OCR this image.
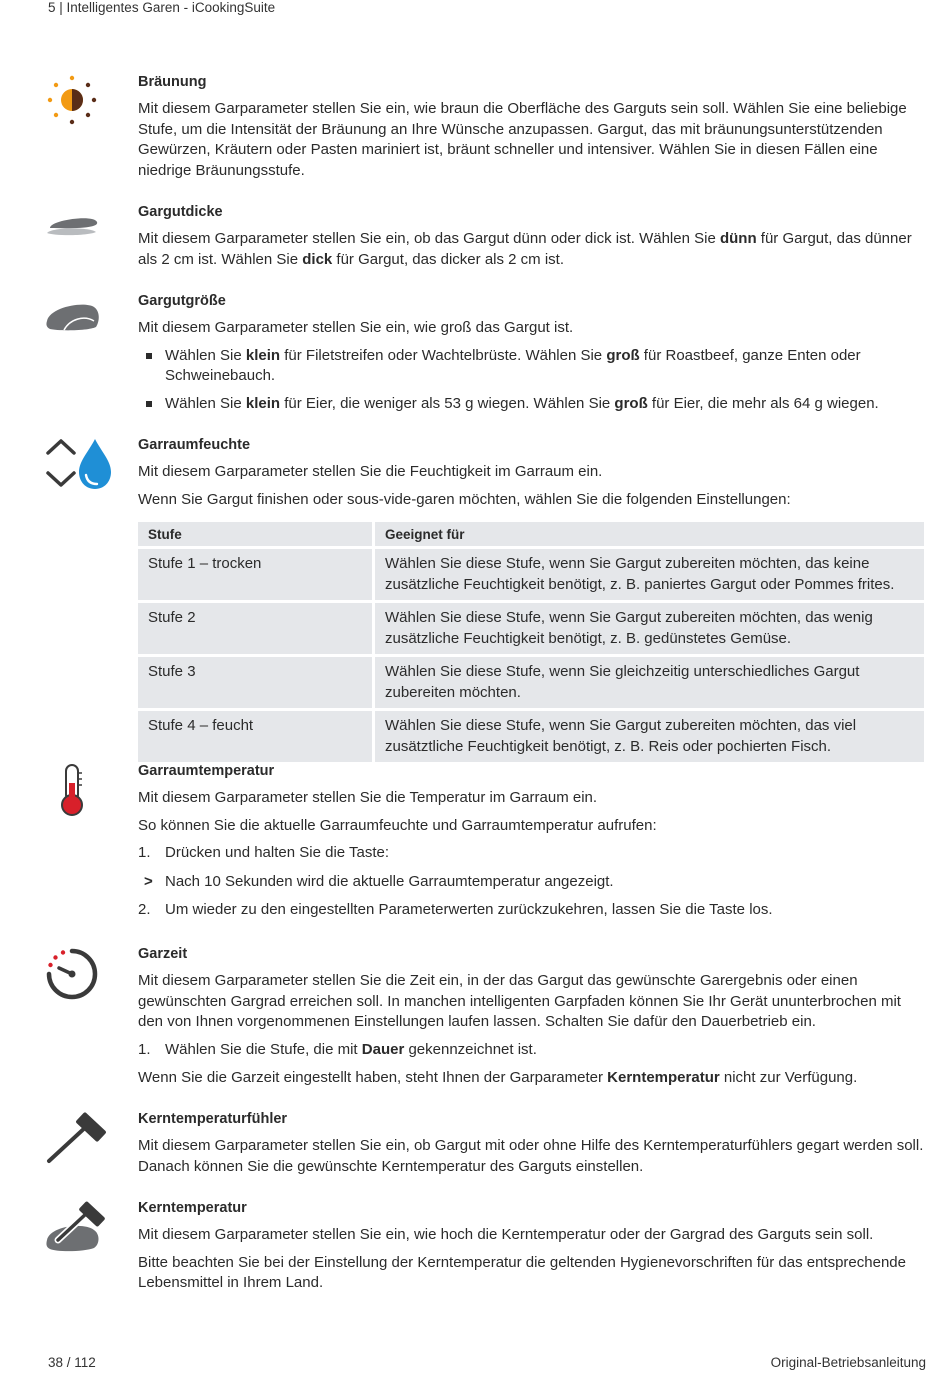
5 | Intelligentes Garen - iCookingSuite
Bräunung

Mit diesem Garparameter stellen Sie ein, wie braun die Oberfläche des Garguts sein soll. Wählen Sie eine beliebige Stufe, um die Intensität der Bräunung an Ihre Wünsche anzupassen. Gargut, das mit bräunungsunterstützenden Gewürzen, Kräutern oder Pasten mariniert ist, bräunt schneller und intensiver. Wählen Sie in diesen Fällen eine niedrige Bräunungsstufe.

Gargutdicke

Mit diesem Garparameter stellen Sie ein, ob das Gargut dünn oder dick ist. Wählen Sie dünn für Gargut, das dünner als 2 cm ist. Wählen Sie dick für Gargut, das dicker als 2 cm ist.

Gargutgröße

Mit diesem Garparameter stellen Sie ein, wie groß das Gargut ist.

Wählen Sie klein für Filetstreifen oder Wachtelbrüste. Wählen Sie groß für Roastbeef, ganze Enten oder Schweinebauch.
Wählen Sie klein für Eier, die weniger als 53 g wiegen. Wählen Sie groß für Eier, die mehr als 64 g wiegen.
Garraumfeuchte

Mit diesem Garparameter stellen Sie die Feuchtigkeit im Garraum ein.

Wenn Sie Gargut finishen oder sous-vide-garen möchten, wählen Sie die folgenden Einstellungen:

Stufe	Geeignet für
Stufe 1 – trocken	Wählen Sie diese Stufe, wenn Sie Gargut zubereiten möchten, das keine zusätzliche Feuchtigkeit benötigt, z. B. paniertes Gargut oder Pommes frites.
Stufe 2	Wählen Sie diese Stufe, wenn Sie Gargut zubereiten möchten, das wenig zusätzliche Feuchtigkeit benötigt, z. B. gedünstetes Gemüse.
Stufe 3	Wählen Sie diese Stufe, wenn Sie gleichzeitig unterschiedliches Gargut zubereiten möchten.
Stufe 4 – feucht	Wählen Sie diese Stufe, wenn Sie Gargut zubereiten möchten, das viel zusätztliche Feuchtigkeit benötigt, z. B. Reis oder pochierten Fisch.
Garraumtemperatur

Mit diesem Garparameter stellen Sie die Temperatur im Garraum ein.

So können Sie die aktuelle Garraumfeuchte und Garraumtemperatur aufrufen:

1. Drücken und halten Sie die Taste:
> Nach 10 Sekunden wird die aktuelle Garraumtemperatur angezeigt.
2. Um wieder zu den eingestellten Parameterwerten zurückzukehren, lassen Sie die Taste los.
Garzeit

Mit diesem Garparameter stellen Sie die Zeit ein, in der das Gargut das gewünschte Garergebnis oder einen gewünschten Gargrad erreichen soll. In manchen intelligenten Garpfaden können Sie Ihr Gerät ununterbrochen mit den von Ihnen vorgenommenen Einstellungen laufen lassen. Schalten Sie dafür den Dauerbetrieb ein.

1. Wählen Sie die Stufe, die mit Dauer gekennzeichnet ist.

Wenn Sie die Garzeit eingestellt haben, steht Ihnen der Garparameter Kerntemperatur nicht zur Verfügung.

Kerntemperaturfühler

Mit diesem Garparameter stellen Sie ein, ob Gargut mit oder ohne Hilfe des Kerntemperaturfühlers gegart werden soll. Danach können Sie die gewünschte Kerntemperatur des Garguts einstellen.

Kerntemperatur

Mit diesem Garparameter stellen Sie ein, wie hoch die Kerntemperatur oder der Gargrad des Garguts sein soll.

Bitte beachten Sie bei der Einstellung der Kerntemperatur die geltenden Hygienevorschriften für das entsprechende Lebensmittel in Ihrem Land.

38 / 112	Original-Betriebsanleitung
